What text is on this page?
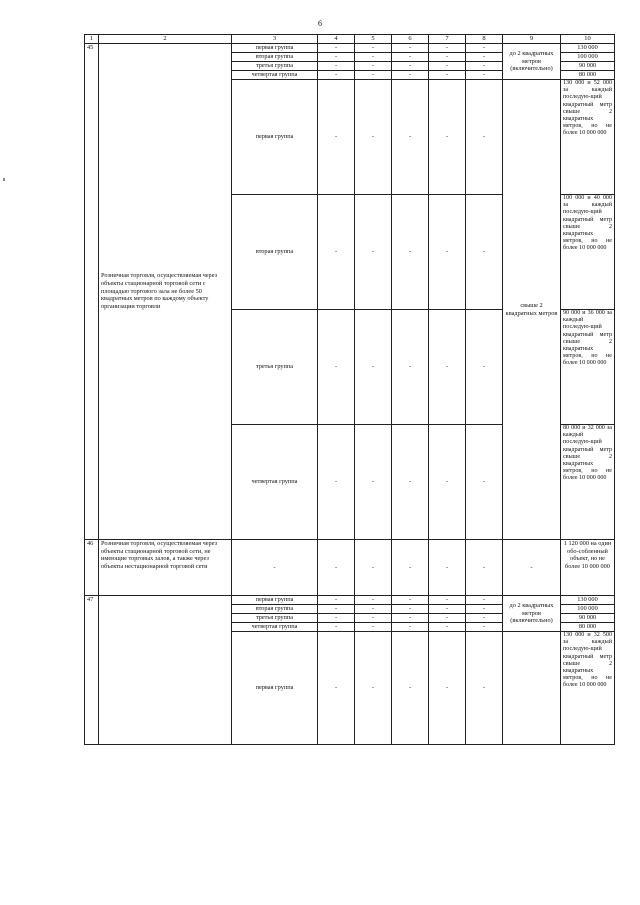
6
1	2	3	4	5	6	7	8	9	10
45	Розничная торговля, осуществляемая через объекты стационарной торговой сети с площадью торгового зала не более 50 квадратных метров по каждому объекту организации торговли	первая группа	-	-	-	-	-	до 2 квадратных метров (включительно)	130 000
		вторая группа	-	-	-	-	-		100 000
		третья группа	-	-	-	-	-		90 000
		четвертая группа	-	-	-	-	-		80 000
		первая группа	-	-	-	-	-	свыше 2 квадратных метров	130 000 и 52 000 за каждый последую-щий квадратный метр свыше 2 квадратных метров, но не более 10 000 000
		вторая группа	-	-	-	-	-		100 000 и 40 000 за каждый последую-щий квадратный метр свыше 2 квадратных метров, но не более 10 000 000
		третья группа	-	-	-	-	-		90 000 и 36 000 за каждый последую-щий квадратный метр свыше 2 квадратных метров, но не более 10 000 000
		четвертая группа	-	-	-	-	-		80 000 и 32 000 за каждый последую-щий квадратный метр свыше 2 квадратных метров, но не более 10 000 000
46	Розничная торговля, осуществляемая через объекты стационарной торговой сети, не имеющие торговых залов, а также через объекты нестационарной торговой сети	-	-	-	-	-	-	-	1 120 000 на один обо-собленный объект, но не более 10 000 000
47		первая группа	-	-	-	-	-	до 2 квадратных метров (включительно)	130 000
		вторая группа	-	-	-	-	-		100 000
		третья группа	-	-	-	-	-		90 000
		четвертая группа	-	-	-	-	-		80 000
		первая группа	-	-	-	-	-		130 000 и 32 500 за каждый последую-щий квадратный метр свыше 2 квадратных метров, но не более 10 000 000
